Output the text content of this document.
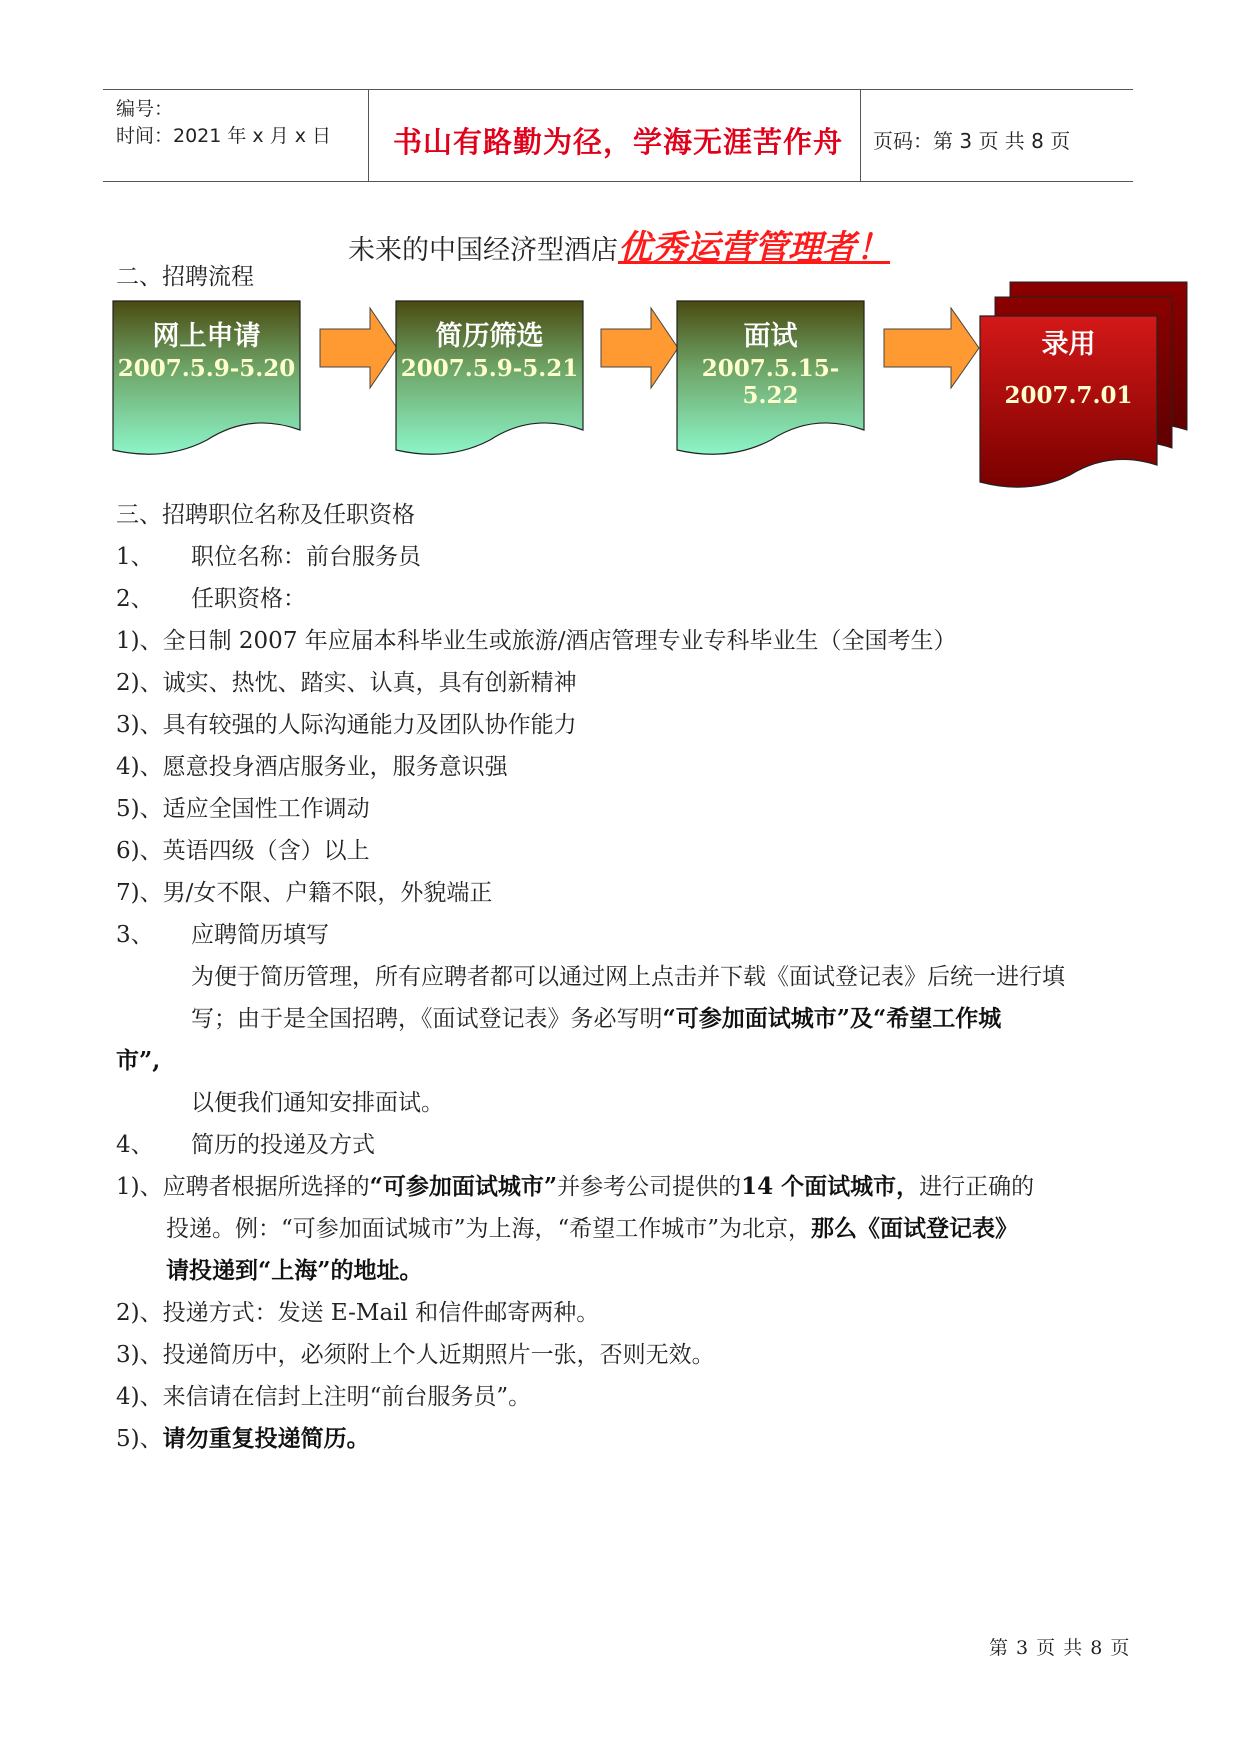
编号：
时间：2021 年 x 月 x 日 书山有路勤为径，学海无涯苦作舟 页码：第 3 页 共 8 页
未来的中国经济型酒店优秀运营管理者！
二、招聘流程
网上申请
2007.5.9-5.20
简历筛选
2007.5.9-5.21
面试
2007.5.15-5.22
录用
2007.7.01
三、招聘职位名称及任职资格
1、 职位名称：前台服务员
2、 任职资格：
1)、全日制 2007 年应届本科毕业生或旅游/酒店管理专业专科毕业生（全国考生）
2)、诚实、热忱、踏实、认真，具有创新精神
3)、具有较强的人际沟通能力及团队协作能力
4)、愿意投身酒店服务业，服务意识强
5)、适应全国性工作调动
6)、英语四级（含）以上
7)、男/女不限、户籍不限，外貌端正
3、 应聘简历填写
为便于简历管理，所有应聘者都可以通过网上点击并下载《面试登记表》后统一进行填
写；由于是全国招聘，《面试登记表》务必写明“可参加面试城市”及“希望工作城
市”,
以便我们通知安排面试。
4、 简历的投递及方式
1)、应聘者根据所选择的“可参加面试城市”并参考公司提供的14 个面试城市，进行正确的
投递。例：“可参加面试城市”为上海，“希望工作城市”为北京，那么《面试登记表》
请投递到“上海”的地址。
2)、投递方式：发送 E-Mail 和信件邮寄两种。
3)、投递简历中，必须附上个人近期照片一张，否则无效。
4)、来信请在信封上注明“前台服务员”。
5)、请勿重复投递简历。
第 3 页 共 8 页
